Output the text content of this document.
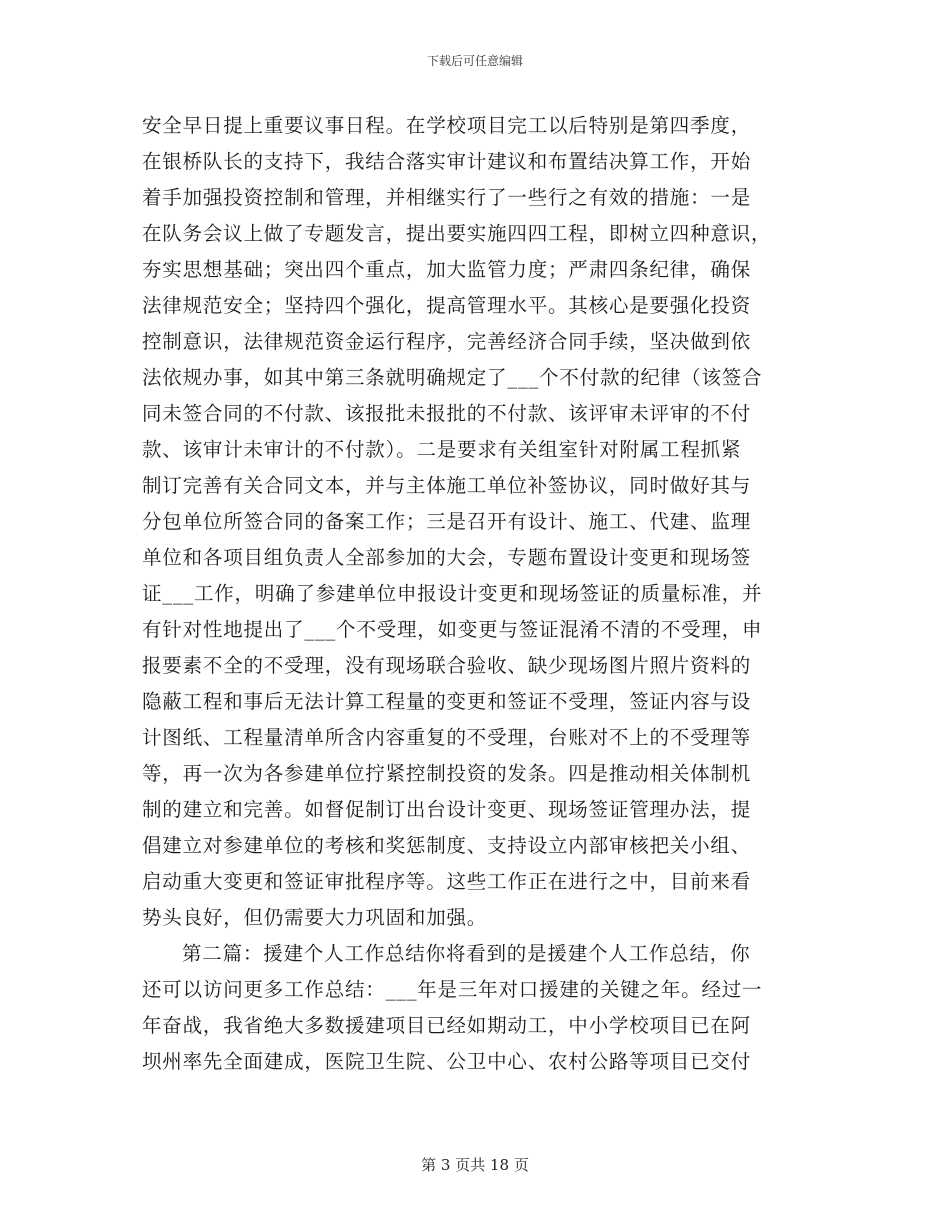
下载后可任意编辑
安全早日提上重要议事日程。在学校项目完工以后特别是第四季度，
在银桥队长的支持下，我结合落实审计建议和布置结决算工作，开始
着手加强投资控制和管理，并相继实行了一些行之有效的措施：一是
在队务会议上做了专题发言，提出要实施四四工程，即树立四种意识，
夯实思想基础；突出四个重点，加大监管力度；严肃四条纪律，确保
法律规范安全；坚持四个强化，提高管理水平。其核心是要强化投资
控制意识，法律规范资金运行程序，完善经济合同手续，坚决做到依
法依规办事，如其中第三条就明确规定了___个不付款的纪律（该签合
同未签合同的不付款、该报批未报批的不付款、该评审未评审的不付
款、该审计未审计的不付款）。二是要求有关组室针对附属工程抓紧
制订完善有关合同文本，并与主体施工单位补签协议，同时做好其与
分包单位所签合同的备案工作；三是召开有设计、施工、代建、监理
单位和各项目组负责人全部参加的大会，专题布置设计变更和现场签
证___工作，明确了参建单位申报设计变更和现场签证的质量标准，并
有针对性地提出了___个不受理，如变更与签证混淆不清的不受理，申
报要素不全的不受理，没有现场联合验收、缺少现场图片照片资料的
隐蔽工程和事后无法计算工程量的变更和签证不受理，签证内容与设
计图纸、工程量清单所含内容重复的不受理，台账对不上的不受理等
等，再一次为各参建单位拧紧控制投资的发条。四是推动相关体制机
制的建立和完善。如督促制订出台设计变更、现场签证管理办法，提
倡建立对参建单位的考核和奖惩制度、支持设立内部审核把关小组、
启动重大变更和签证审批程序等。这些工作正在进行之中，目前来看
势头良好，但仍需要大力巩固和加强。
第二篇：援建个人工作总结你将看到的是援建个人工作总结，你
还可以访问更多工作总结：___年是三年对口援建的关键之年。经过一
年奋战，我省绝大多数援建项目已经如期动工，中小学校项目已在阿
坝州率先全面建成，医院卫生院、公卫中心、农村公路等项目已交付
第 3 页共 18 页
